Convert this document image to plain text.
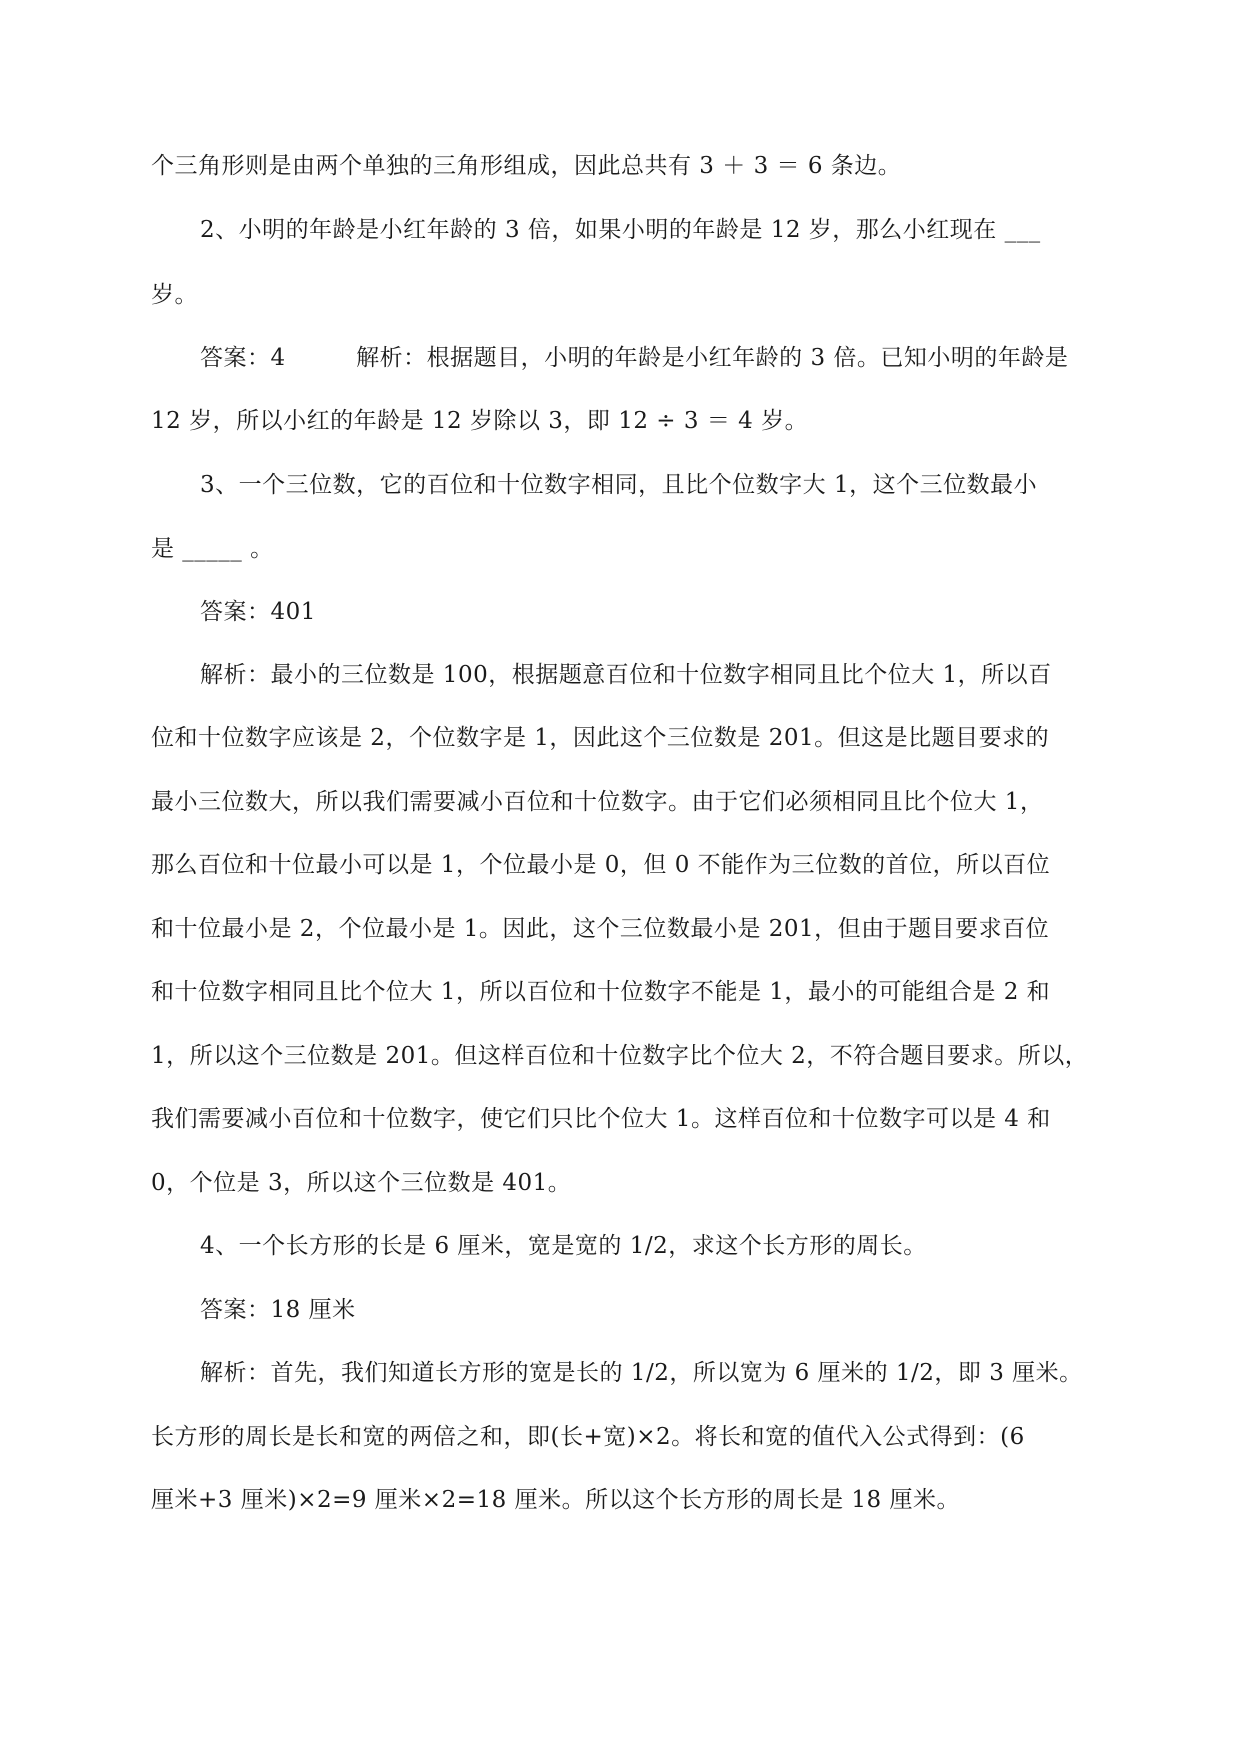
个三角形则是由两个单独的三角形组成，因此总共有 3 ＋ 3 ＝ 6 条边。
2、小明的年龄是小红年龄的 3 倍，如果小明的年龄是 12 岁，那么小红现在 ___
岁。
答案：4　　　解析：根据题目，小明的年龄是小红年龄的 3 倍。已知小明的年龄是
12 岁，所以小红的年龄是 12 岁除以 3，即 12 ÷ 3 ＝ 4 岁。
3、一个三位数，它的百位和十位数字相同，且比个位数字大 1，这个三位数最小
是 _____ 。
答案：401
解析：最小的三位数是 100，根据题意百位和十位数字相同且比个位大 1，所以百
位和十位数字应该是 2，个位数字是 1，因此这个三位数是 201。但这是比题目要求的
最小三位数大，所以我们需要减小百位和十位数字。由于它们必须相同且比个位大 1，
那么百位和十位最小可以是 1，个位最小是 0，但 0 不能作为三位数的首位，所以百位
和十位最小是 2，个位最小是 1。因此，这个三位数最小是 201，但由于题目要求百位
和十位数字相同且比个位大 1，所以百位和十位数字不能是 1，最小的可能组合是 2 和
1，所以这个三位数是 201。但这样百位和十位数字比个位大 2，不符合题目要求。所以，
我们需要减小百位和十位数字，使它们只比个位大 1。这样百位和十位数字可以是 4 和
0，个位是 3，所以这个三位数是 401。
4、一个长方形的长是 6 厘米，宽是宽的 1/2，求这个长方形的周长。
答案：18 厘米
解析：首先，我们知道长方形的宽是长的 1/2，所以宽为 6 厘米的 1/2，即 3 厘米。
长方形的周长是长和宽的两倍之和，即(长+宽)×2。将长和宽的值代入公式得到：(6
厘米+3 厘米)×2=9 厘米×2=18 厘米。所以这个长方形的周长是 18 厘米。
